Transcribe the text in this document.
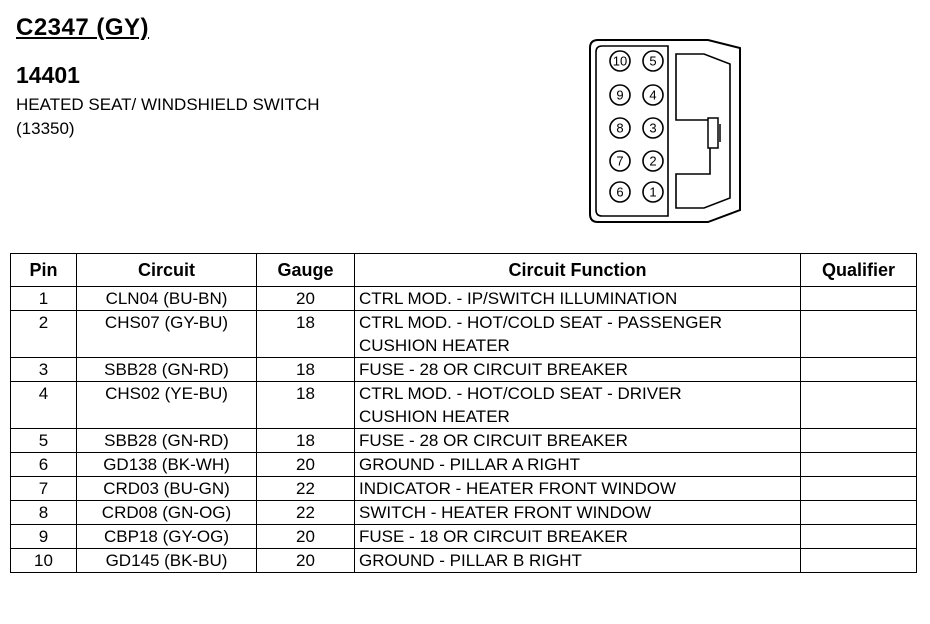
C2347 (GY)
14401
HEATED SEAT/ WINDSHIELD SWITCH
(13350)
10
9
8
7
6
5
4
3
2
1
Pin	Circuit	Gauge	Circuit Function	Qualifier
1	CLN04 (BU-BN)	20	CTRL MOD. - IP/SWITCH ILLUMINATION	

2	CHS07 (GY-BU)	18	CTRL MOD. - HOT/COLD SEAT - PASSENGER
CUSHION HEATER	

3	SBB28 (GN-RD)	18	FUSE - 28 OR CIRCUIT BREAKER	

4	CHS02 (YE-BU)	18	CTRL MOD. - HOT/COLD SEAT - DRIVER
CUSHION HEATER	

5	SBB28 (GN-RD)	18	FUSE - 28 OR CIRCUIT BREAKER	

6	GD138 (BK-WH)	20	GROUND - PILLAR A RIGHT	

7	CRD03 (BU-GN)	22	INDICATOR - HEATER FRONT WINDOW	

8	CRD08 (GN-OG)	22	SWITCH - HEATER FRONT WINDOW	

9	CBP18 (GY-OG)	20	FUSE - 18 OR CIRCUIT BREAKER	

10	GD145 (BK-BU)	20	GROUND - PILLAR B RIGHT	
